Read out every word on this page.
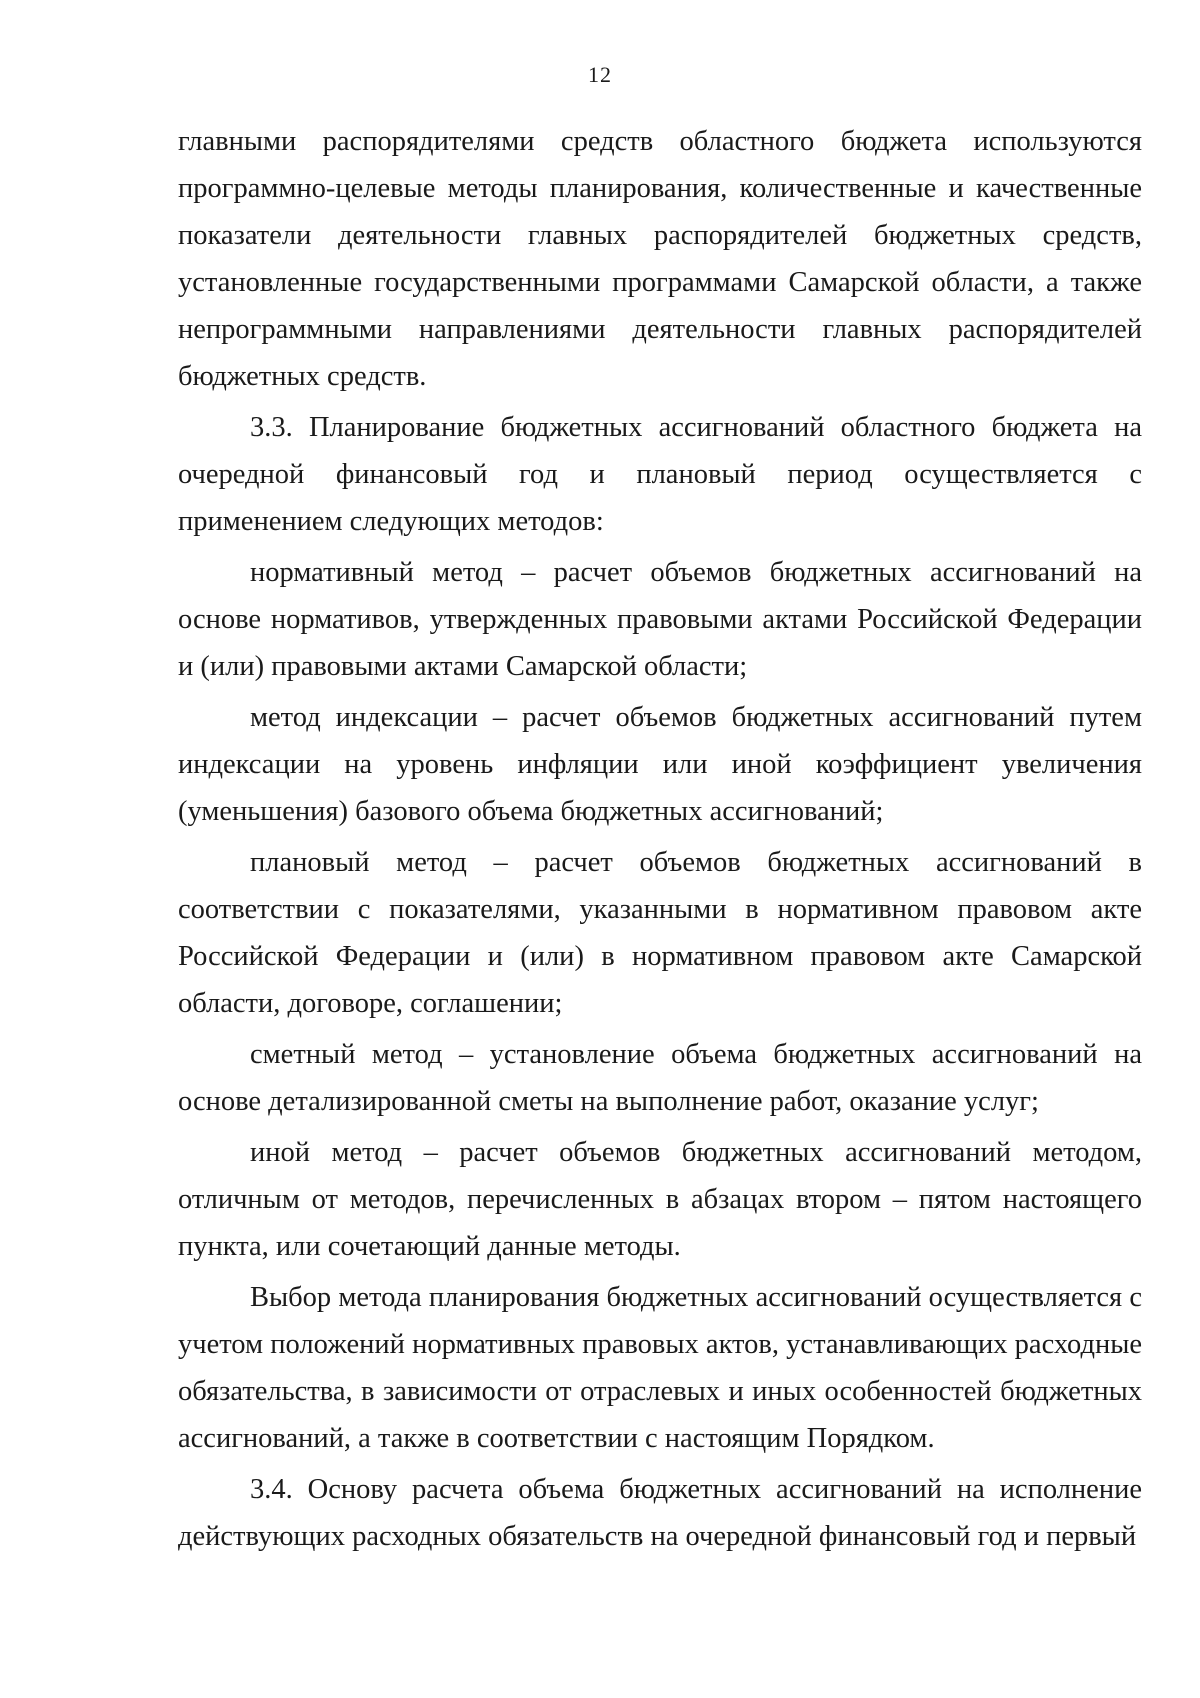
12

главными распорядителями средств областного бюджета используются программно-целевые методы планирования, количественные и качественные показатели деятельности главных распорядителей бюджетных средств, установленные государственными программами Самарской области, а также непрограммными направлениями деятельности главных распорядителей бюджетных средств.

3.3. Планирование бюджетных ассигнований областного бюджета на очередной финансовый год и плановый период осуществляется с применением следующих методов:

нормативный метод – расчет объемов бюджетных ассигнований на основе нормативов, утвержденных правовыми актами Российской Федерации и (или) правовыми актами Самарской области;

метод индексации – расчет объемов бюджетных ассигнований путем индексации на уровень инфляции или иной коэффициент увеличения (уменьшения) базового объема бюджетных ассигнований;

плановый метод – расчет объемов бюджетных ассигнований в соответствии с показателями, указанными в нормативном правовом акте Российской Федерации и (или) в нормативном правовом акте Самарской области, договоре, соглашении;

сметный метод – установление объема бюджетных ассигнований на основе детализированной сметы на выполнение работ, оказание услуг;

иной метод – расчет объемов бюджетных ассигнований методом, отличным от методов, перечисленных в абзацах втором – пятом настоящего пункта, или сочетающий данные методы.

Выбор метода планирования бюджетных ассигнований осуществляется с учетом положений нормативных правовых актов, устанавливающих расходные обязательства, в зависимости от отраслевых и иных особенностей бюджетных ассигнований, а также в соответствии с настоящим Порядком.

3.4. Основу расчета объема бюджетных ассигнований на исполнение действующих расходных обязательств на очередной финансовый год и первый
